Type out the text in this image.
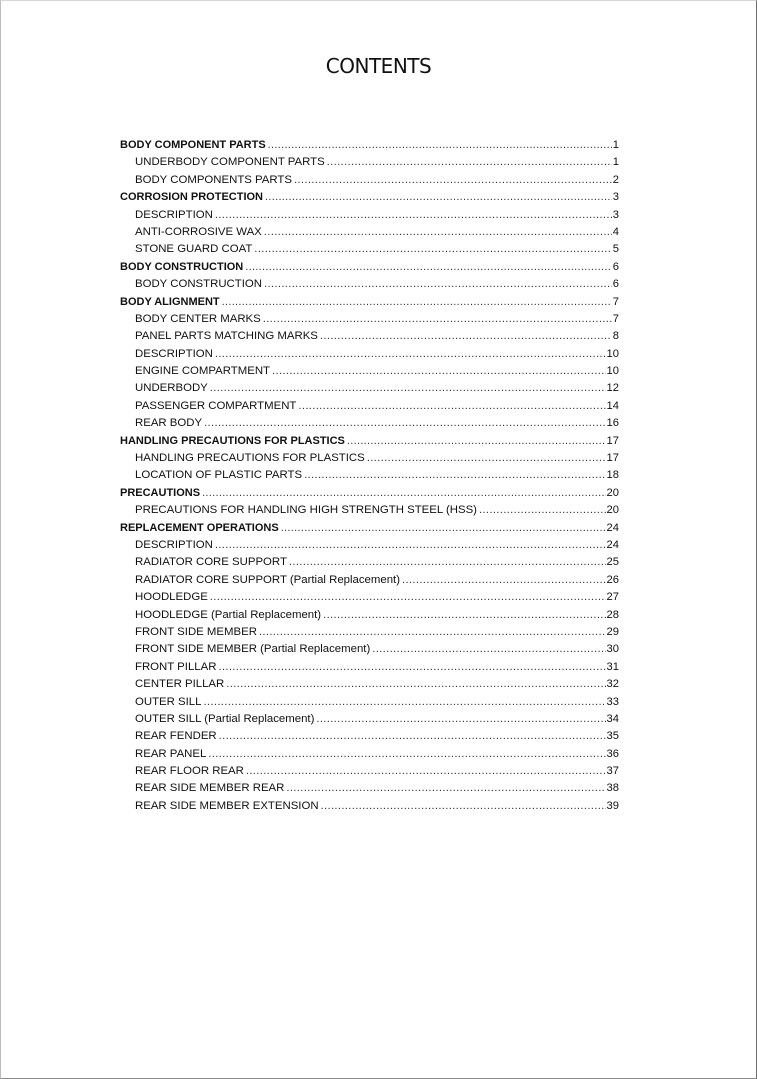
CONTENTS
BODY COMPONENT PARTS .....	1
UNDERBODY COMPONENT PARTS .....	1
BODY COMPONENTS PARTS .....	2
CORROSION PROTECTION .....	3
DESCRIPTION .....	3
ANTI-CORROSIVE WAX .....	4
STONE GUARD COAT .....	5
BODY CONSTRUCTION .....	6
BODY CONSTRUCTION .....	6
BODY ALIGNMENT .....	7
BODY CENTER MARKS .....	7
PANEL PARTS MATCHING MARKS .....	8
DESCRIPTION .....	10
ENGINE COMPARTMENT .....	10
UNDERBODY .....	12
PASSENGER COMPARTMENT .....	14
REAR BODY .....	16
HANDLING PRECAUTIONS FOR PLASTICS .....	17
HANDLING PRECAUTIONS FOR PLASTICS .....	17
LOCATION OF PLASTIC PARTS .....	18
PRECAUTIONS .....	20
PRECAUTIONS FOR HANDLING HIGH STRENGTH STEEL (HSS) .....	20
REPLACEMENT OPERATIONS .....	24
DESCRIPTION .....	24
RADIATOR CORE SUPPORT .....	25
RADIATOR CORE SUPPORT (Partial Replacement) .....	26
HOODLEDGE .....	27
HOODLEDGE (Partial Replacement) .....	28
FRONT SIDE MEMBER .....	29
FRONT SIDE MEMBER (Partial Replacement) .....	30
FRONT PILLAR .....	31
CENTER PILLAR .....	32
OUTER SILL .....	33
OUTER SILL (Partial Replacement) .....	34
REAR FENDER .....	35
REAR PANEL .....	36
REAR FLOOR REAR .....	37
REAR SIDE MEMBER REAR .....	38
REAR SIDE MEMBER EXTENSION .....	39
